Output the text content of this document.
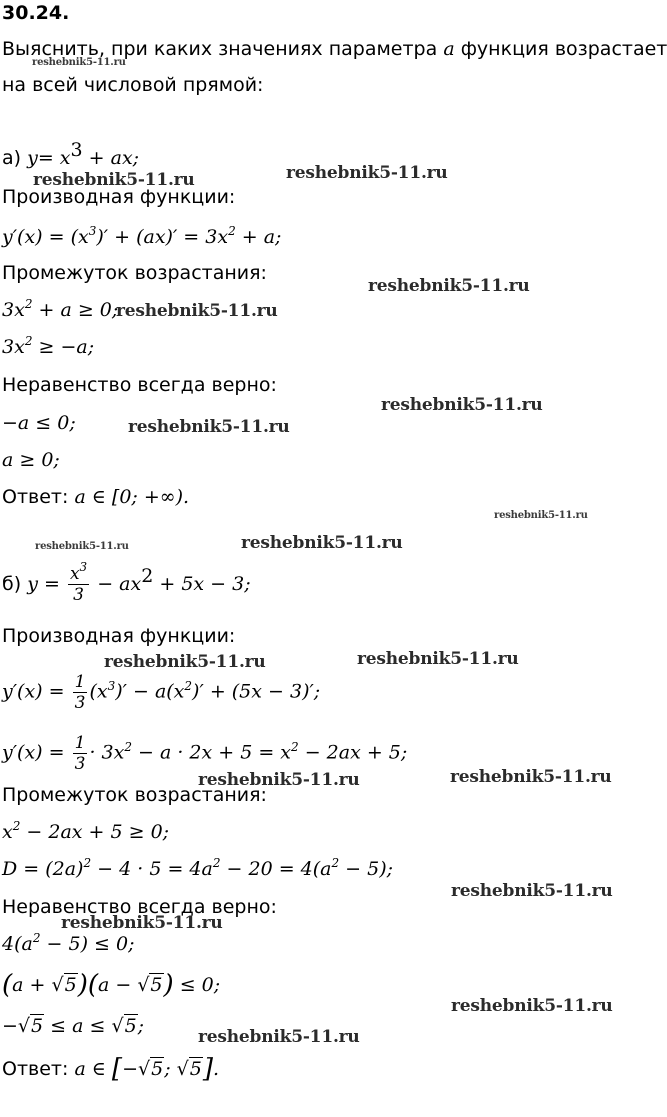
30.24.
Выяснить, при каких значениях параметра a функция возрастает
на всей числовой прямой:
а) $y= x^3$ + ax;
Производная функции:
$y'(x) = (x^3)' + (ax)' = 3x^2 + a$;
Промежуток возрастания:
$3x^2 + a \ge 0$;
$3x^2 \ge -a$;
Неравенство всегда верно:
−a ≤ 0;
a ≥ 0;
Ответ: a ∈ [0; +∞).
б) $y = \frac{x^3}{3} - ax^2 + 5x - 3$;
Производная функции:
$y'(x) = \frac{1}{3} (x^3)' - a(x^2)' + (5x - 3)'$;
$y'(x) = \frac{1}{3} \cdot 3x^2 - a \cdot 2x + 5 = x^2 - 2ax + 5$;
Промежуток возрастания:
$x^2 - 2ax + 5 \ge 0$;
$D = (2a)^2 - 4 \cdot 5 = 4a^2 - 20 = 4(a^2 - 5)$;
Неравенство всегда верно:
$4(a^2 - 5) \le 0$;
(a + √5)(a − √5) ≤ 0;
−√5 ≤ a ≤ √5;
Ответ: a ∈ [−√5; √5].
reshebnik5-11.ru
reshebnik5-11.ru	reshebnik5-11.ru
reshebnik5-11.ru
reshebnik5-11.ru
reshebnik5-11.ru
reshebnik5-11.ru
reshebnik5-11.ru
reshebnik5-11.ru	reshebnik5-11.ru
reshebnik5-11.ru	reshebnik5-11.ru
reshebnik5-11.ru	reshebnik5-11.ru
reshebnik5-11.ru
reshebnik5-11.ru
reshebnik5-11.ru
reshebnik5-11.ru
